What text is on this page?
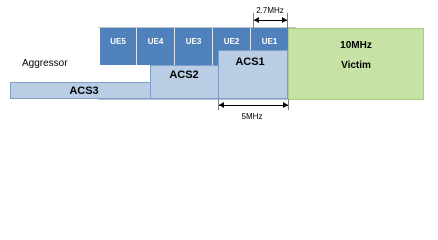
2.7MHz
UE5	UE4	UE3	UE2	UE1	10MHz
Victim
Aggressor
ACS3
ACS2
ACS1
5MHz
